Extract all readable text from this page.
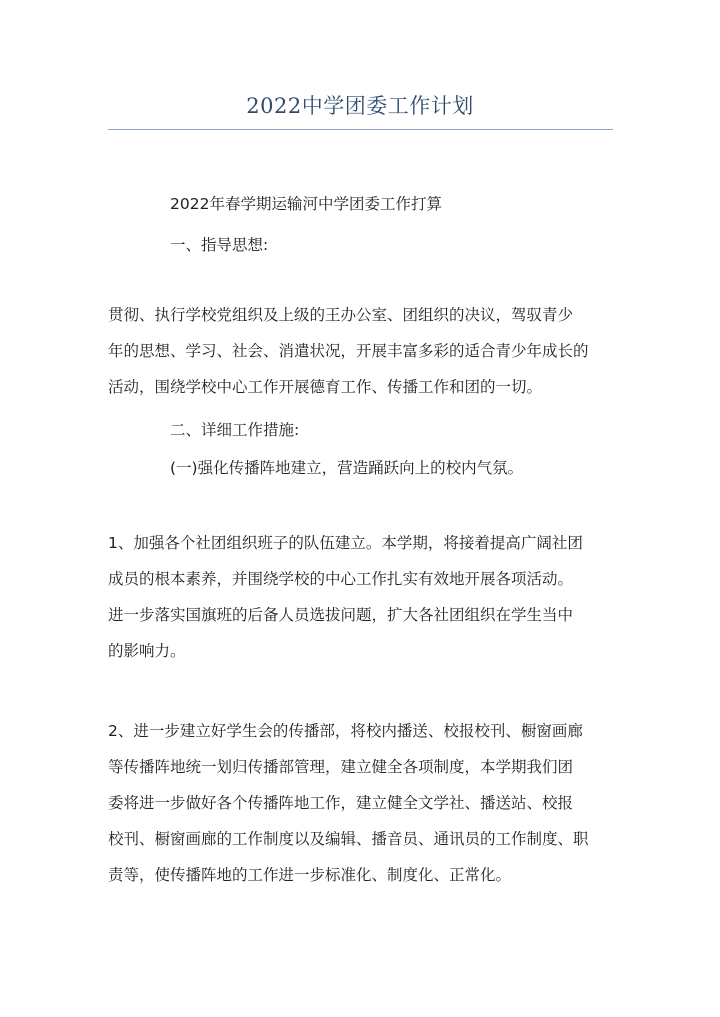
2022中学团委工作计划

2022年春学期运输河中学团委工作打算

一、指导思想:

贯彻、执行学校党组织及上级的王办公室、团组织的决议，驾驭青少
年的思想、学习、社会、消遣状况，开展丰富多彩的适合青少年成长的
活动，围绕学校中心工作开展德育工作、传播工作和团的一切。

二、详细工作措施:

(一)强化传播阵地建立，营造踊跃向上的校内气氛。

1、加强各个社团组织班子的队伍建立。本学期，将接着提高广阔社团
成员的根本素养，并围绕学校的中心工作扎实有效地开展各项活动。
进一步落实国旗班的后备人员选拔问题，扩大各社团组织在学生当中
的影响力。

2、进一步建立好学生会的传播部，将校内播送、校报校刊、橱窗画廊
等传播阵地统一划归传播部管理，建立健全各项制度，本学期我们团
委将进一步做好各个传播阵地工作，建立健全文学社、播送站、校报
校刊、橱窗画廊的工作制度以及编辑、播音员、通讯员的工作制度、职
责等，使传播阵地的工作进一步标准化、制度化、正常化。
